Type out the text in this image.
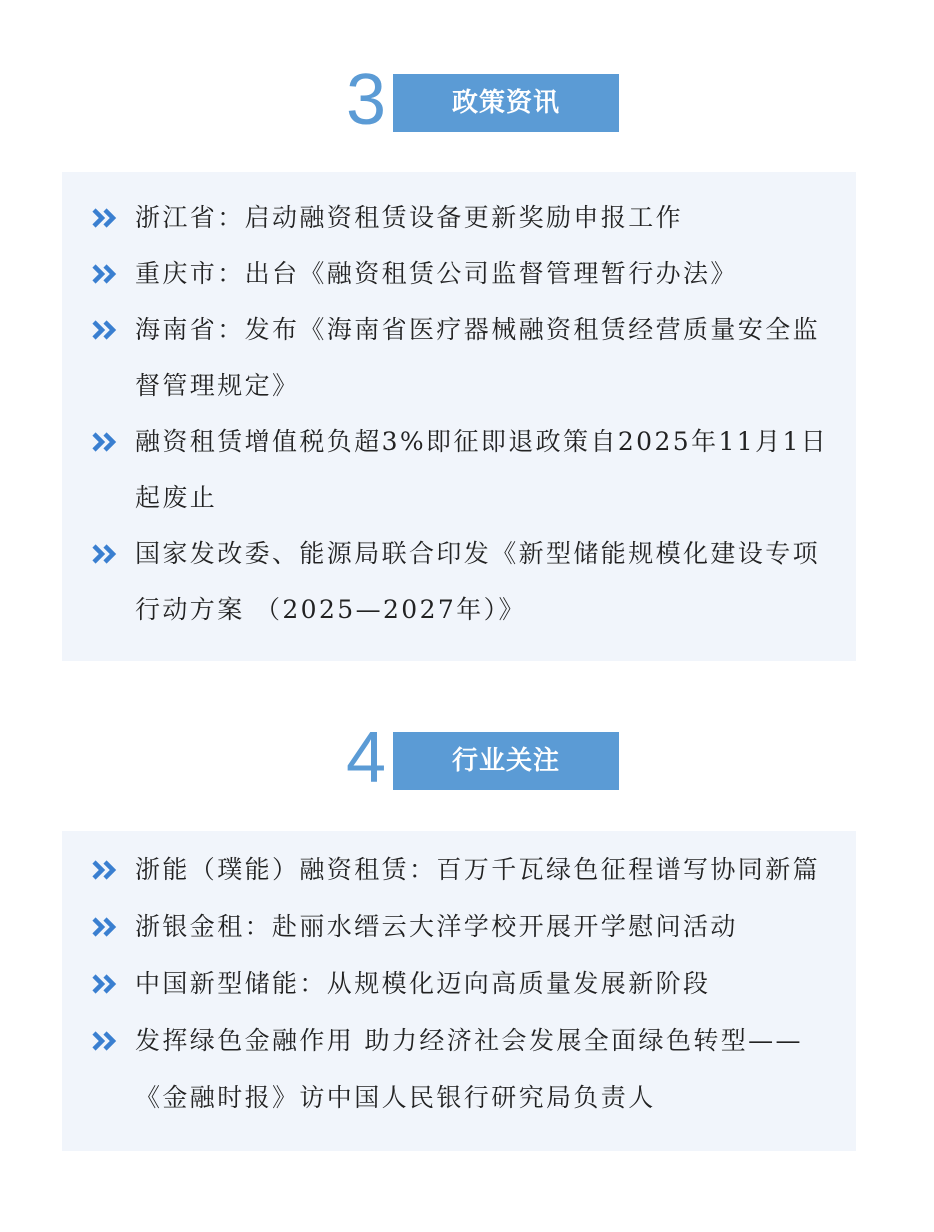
3	政策资讯
浙江省：启动融资租赁设备更新奖励申报工作
重庆市：出台《融资租赁公司监督管理暂行办法》
海南省：发布《海南省医疗器械融资租赁经营质量安全监督管理规定》
融资租赁增值税负超3%即征即退政策自2025年11月1日起废止
国家发改委、能源局联合印发《新型储能规模化建设专项行动方案 （2025—2027年）》
4	行业关注
浙能（璞能）融资租赁：百万千瓦绿色征程谱写协同新篇
浙银金租：赴丽水缙云大洋学校开展开学慰问活动
中国新型储能：从规模化迈向高质量发展新阶段
发挥绿色金融作用 助力经济社会发展全面绿色转型——《金融时报》访中国人民银行研究局负责人
